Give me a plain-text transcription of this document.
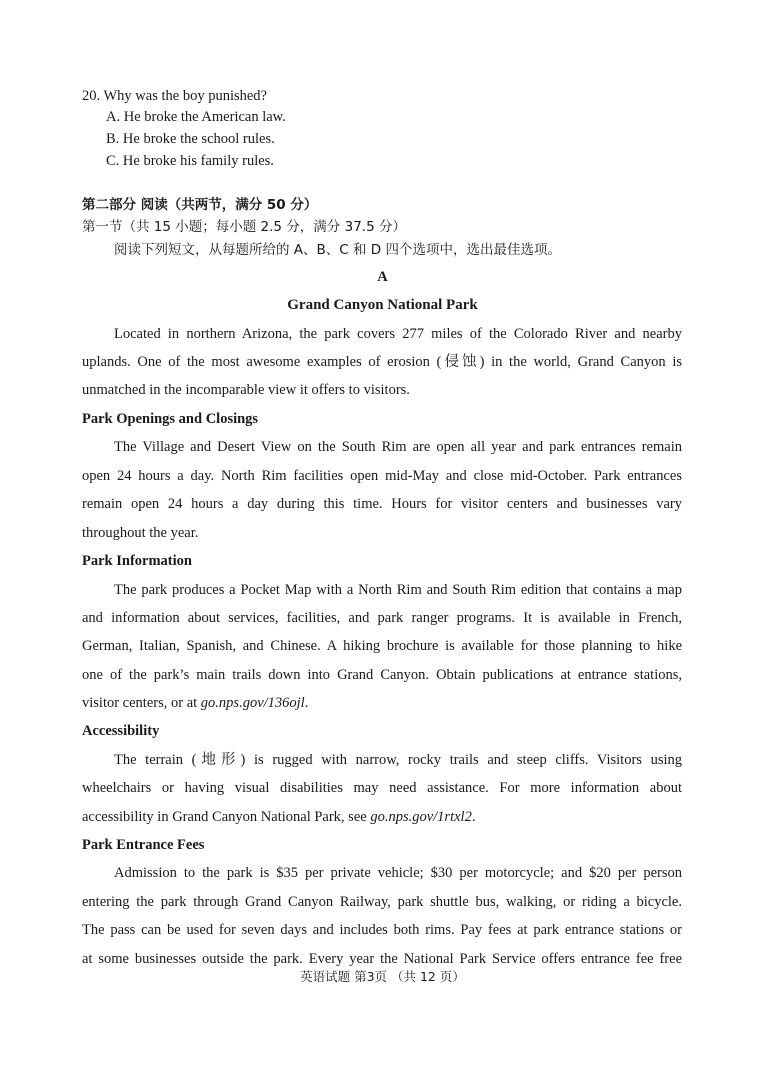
20. Why was the boy punished?
A. He broke the American law.
B. He broke the school rules.
C. He broke his family rules.
第二部分 阅读（共两节，满分 50 分）
第一节（共 15 小题；每小题 2.5 分，满分 37.5 分）
阅读下列短文，从每题所给的 A、B、C 和 D 四个选项中，选出最佳选项。
A
Grand Canyon National Park
Located in northern Arizona, the park covers 277 miles of the Colorado River and nearby
uplands. One of the most awesome examples of erosion (侵蚀) in the world, Grand Canyon is
unmatched in the incomparable view it offers to visitors.
Park Openings and Closings
The Village and Desert View on the South Rim are open all year and park entrances remain
open 24 hours a day. North Rim facilities open mid-May and close mid-October. Park entrances
remain open 24 hours a day during this time. Hours for visitor centers and businesses vary
throughout the year.
Park Information
The park produces a Pocket Map with a North Rim and South Rim edition that contains a map
and information about services, facilities, and park ranger programs. It is available in French,
German, Italian, Spanish, and Chinese. A hiking brochure is available for those planning to hike
one of the park’s main trails down into Grand Canyon. Obtain publications at entrance stations,
visitor centers, or at go.nps.gov/136ojl.
Accessibility
The terrain (地形) is rugged with narrow, rocky trails and steep cliffs. Visitors using
wheelchairs or having visual disabilities may need assistance. For more information about
accessibility in Grand Canyon National Park, see go.nps.gov/1rtxl2.
Park Entrance Fees
Admission to the park is $35 per private vehicle; $30 per motorcycle; and $20 per person
entering the park through Grand Canyon Railway, park shuttle bus, walking, or riding a bicycle.
The pass can be used for seven days and includes both rims. Pay fees at park entrance stations or
at some businesses outside the park. Every year the National Park Service offers entrance fee free
英语试题 第3页 （共 12 页）
